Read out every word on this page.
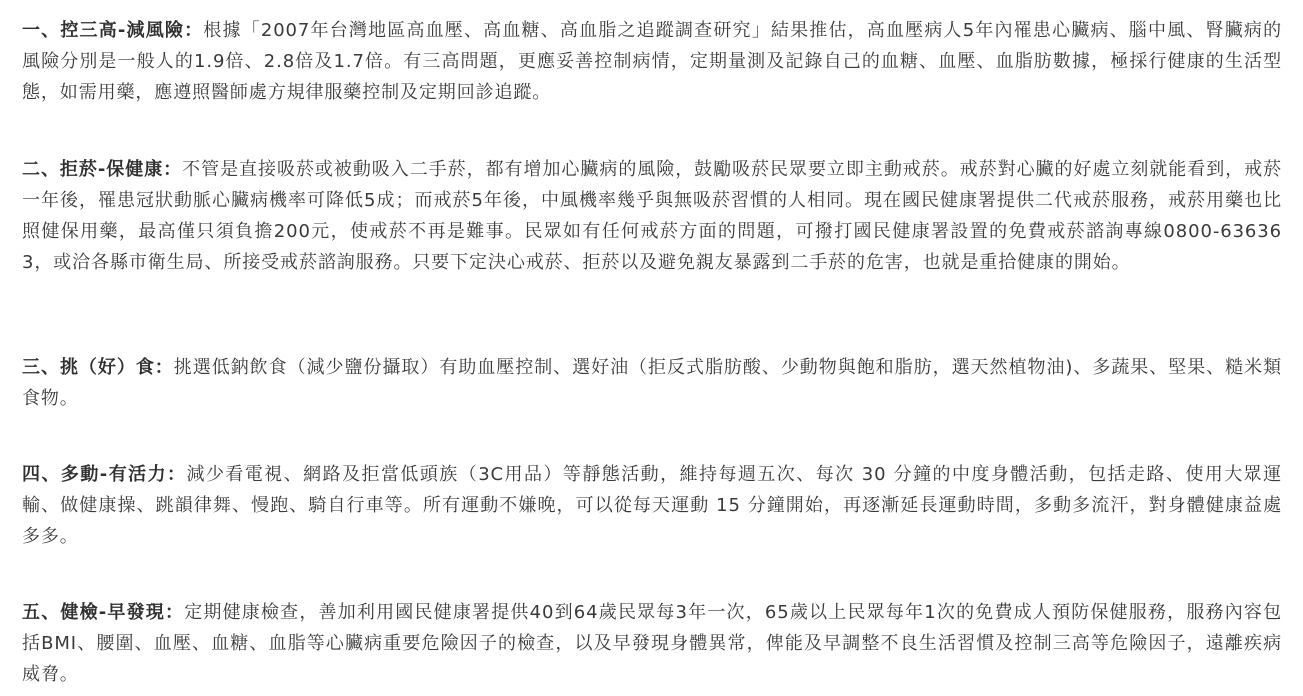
一、控三高-減風險：根據「2007年台灣地區高血壓、高血糖、高血脂之追蹤調查研究」結果推估，高血壓病人5年內罹患心臟病、腦中風、腎臟病的風險分別是一般人的1.9倍、2.8倍及1.7倍。有三高問題，更應妥善控制病情，定期量測及記錄自己的血糖、血壓、血脂肪數據，極採行健康的生活型態，如需用藥，應遵照醫師處方規律服藥控制及定期回診追蹤。

二、拒菸-保健康：不管是直接吸菸或被動吸入二手菸，都有增加心臟病的風險，鼓勵吸菸民眾要立即主動戒菸。戒菸對心臟的好處立刻就能看到，戒菸一年後，罹患冠狀動脈心臟病機率可降低5成；而戒菸5年後，中風機率幾乎與無吸菸習慣的人相同。現在國民健康署提供二代戒菸服務，戒菸用藥也比照健保用藥，最高僅只須負擔200元，使戒菸不再是難事。民眾如有任何戒菸方面的問題，可撥打國民健康署設置的免費戒菸諮詢專線0800-636363，或洽各縣市衛生局、所接受戒菸諮詢服務。只要下定決心戒菸、拒菸以及避免親友暴露到二手菸的危害，也就是重拾健康的開始。

三、挑（好）食：挑選低鈉飲食（減少鹽份攝取）有助血壓控制、選好油（拒反式脂肪酸、少動物與飽和脂肪，選天然植物油)、多蔬果、堅果、糙米類食物。

四、多動-有活力：減少看電視、網路及拒當低頭族（3C用品）等靜態活動，維持每週五次、每次 30 分鐘的中度身體活動，包括走路、使用大眾運輸、做健康操、跳韻律舞、慢跑、騎自行車等。所有運動不嫌晚，可以從每天運動 15 分鐘開始，再逐漸延長運動時間，多動多流汗，對身體健康益處多多。

五、健檢-早發現：定期健康檢查，善加利用國民健康署提供40到64歲民眾每3年一次，65歲以上民眾每年1次的免費成人預防保健服務，服務內容包括BMI、腰圍、血壓、血糖、血脂等心臟病重要危險因子的檢查，以及早發現身體異常，俾能及早調整不良生活習慣及控制三高等危險因子，遠離疾病威脅。
